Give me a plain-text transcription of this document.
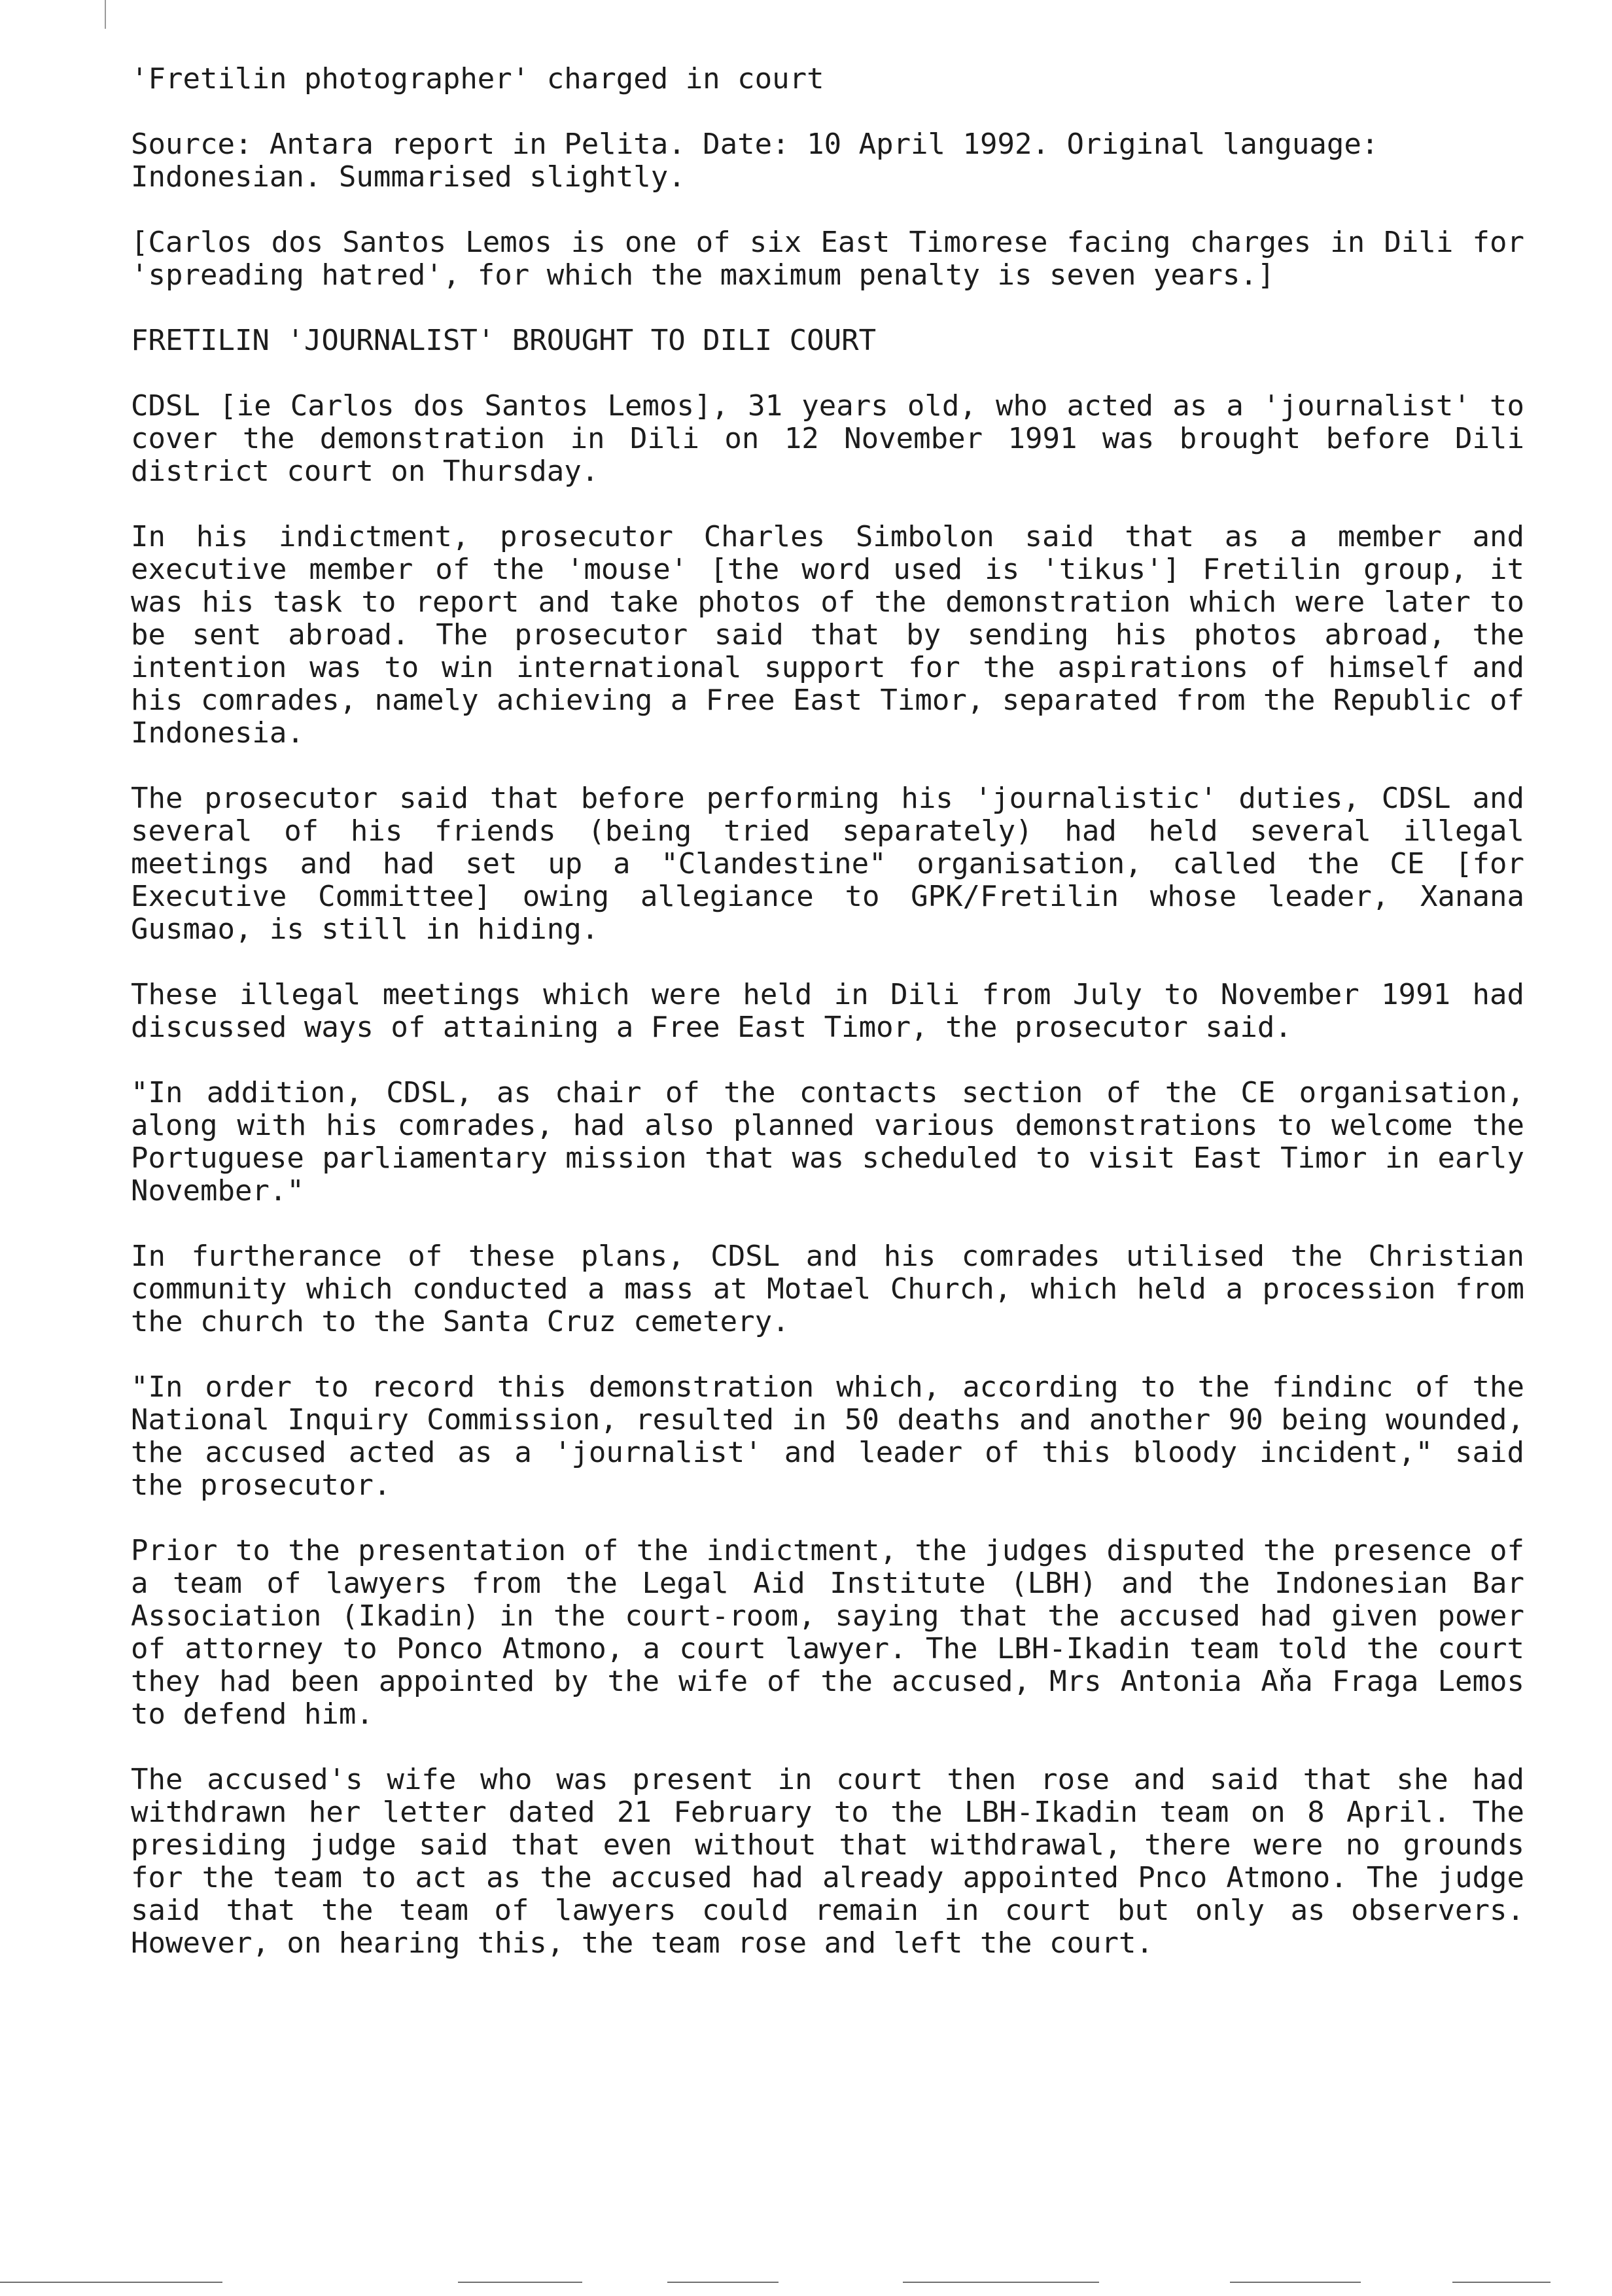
'Fretilin photographer' charged in court

Source: Antara report in Pelita. Date: 10 April 1992. Original language: Indonesian. Summarised slightly.

[Carlos dos Santos Lemos is one of six East Timorese facing charges in Dili for 'spreading hatred', for which the maximum penalty is seven years.]

FRETILIN 'JOURNALIST' BROUGHT TO DILI COURT

CDSL [ie Carlos dos Santos Lemos], 31 years old, who acted as a 'journalist' to cover the demonstration in Dili on 12 November 1991 was brought before Dili district court on Thursday.

In his indictment, prosecutor Charles Simbolon said that as a member and executive member of the 'mouse' [the word used is 'tikus'] Fretilin group, it was his task to report and take photos of the demonstration which were later to be sent abroad. The prosecutor said that by sending his photos abroad, the intention was to win international support for the aspirations of himself and his comrades, namely achieving a Free East Timor, separated from the Republic of Indonesia.

The prosecutor said that before performing his 'journalistic' duties, CDSL and several of his friends (being tried separately) had held several illegal meetings and had set up a "Clandestine" organisation, called the CE [for Executive Committee] owing allegiance to GPK/Fretilin whose leader, Xanana Gusmao, is still in hiding.

These illegal meetings which were held in Dili from July to November 1991 had discussed ways of attaining a Free East Timor, the prosecutor said.

"In addition, CDSL, as chair of the contacts section of the CE organisation, along with his comrades, had also planned various demonstrations to welcome the Portuguese parliamentary mission that was scheduled to visit East Timor in early November."

In furtherance of these plans, CDSL and his comrades utilised the Christian community which conducted a mass at Motael Church, which held a procession from the church to the Santa Cruz cemetery.

"In order to record this demonstration which, according to the findinc of the National Inquiry Commission, resulted in 50 deaths and another 90 being wounded, the accused acted as a 'journalist' and leader of this bloody incident," said the prosecutor.

Prior to the presentation of the indictment, the judges disputed the presence of a team of lawyers from the Legal Aid Institute (LBH) and the Indonesian Bar Association (Ikadin) in the court-room, saying that the accused had given power of attorney to Ponco Atmono, a court lawyer. The LBH-Ikadin team told the court they had been appointed by the wife of the accused, Mrs Antonia Aňa Fraga Lemos to defend him.

The accused's wife who was present in court then rose and said that she had withdrawn her letter dated 21 February to the LBH-Ikadin team on 8 April. The presiding judge said that even without that withdrawal, there were no grounds for the team to act as the accused had already appointed Pnco Atmono. The judge said that the team of lawyers could remain in court but only as observers. However, on hearing this, the team rose and left the court.
